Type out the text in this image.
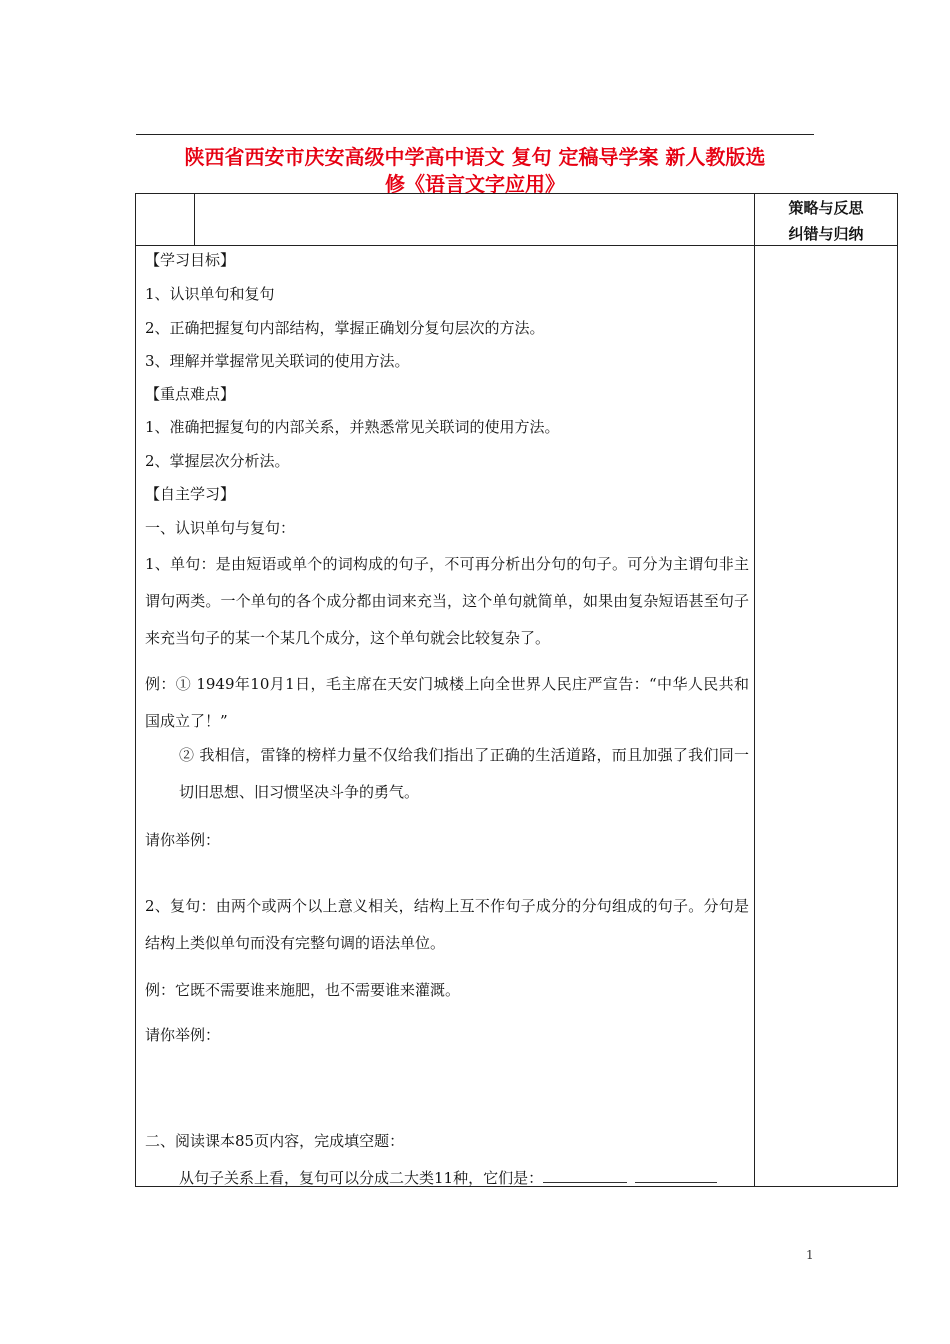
陕西省西安市庆安高级中学高中语文 复句 定稿导学案 新人教版选
修《语言文字应用》
策略与反思
纠错与归纳
【学习目标】
1、认识单句和复句
2、正确把握复句内部结构，掌握正确划分复句层次的方法。
3、理解并掌握常见关联词的使用方法。
【重点难点】
1、准确把握复句的内部关系，并熟悉常见关联词的使用方法。
2、掌握层次分析法。
【自主学习】
一、认识单句与复句：
1、单句：是由短语或单个的词构成的句子，不可再分析出分句的句子。可分为主谓句非主谓句两类。一个单句的各个成分都由词来充当，这个单句就简单，如果由复杂短语甚至句子来充当句子的某一个某几个成分，这个单句就会比较复杂了。
例：① 1949年10月1日，毛主席在天安门城楼上向全世界人民庄严宣告：“中华人民共和国成立了！”
② 我相信，雷锋的榜样力量不仅给我们指出了正确的生活道路，而且加强了我们同一切旧思想、旧习惯坚决斗争的勇气。
请你举例：
2、复句：由两个或两个以上意义相关，结构上互不作句子成分的分句组成的句子。分句是结构上类似单句而没有完整句调的语法单位。
例：它既不需要谁来施肥，也不需要谁来灌溉。
请你举例：
二、阅读课本85页内容，完成填空题：
从句子关系上看，复句可以分成二大类11种，它们是：
1
